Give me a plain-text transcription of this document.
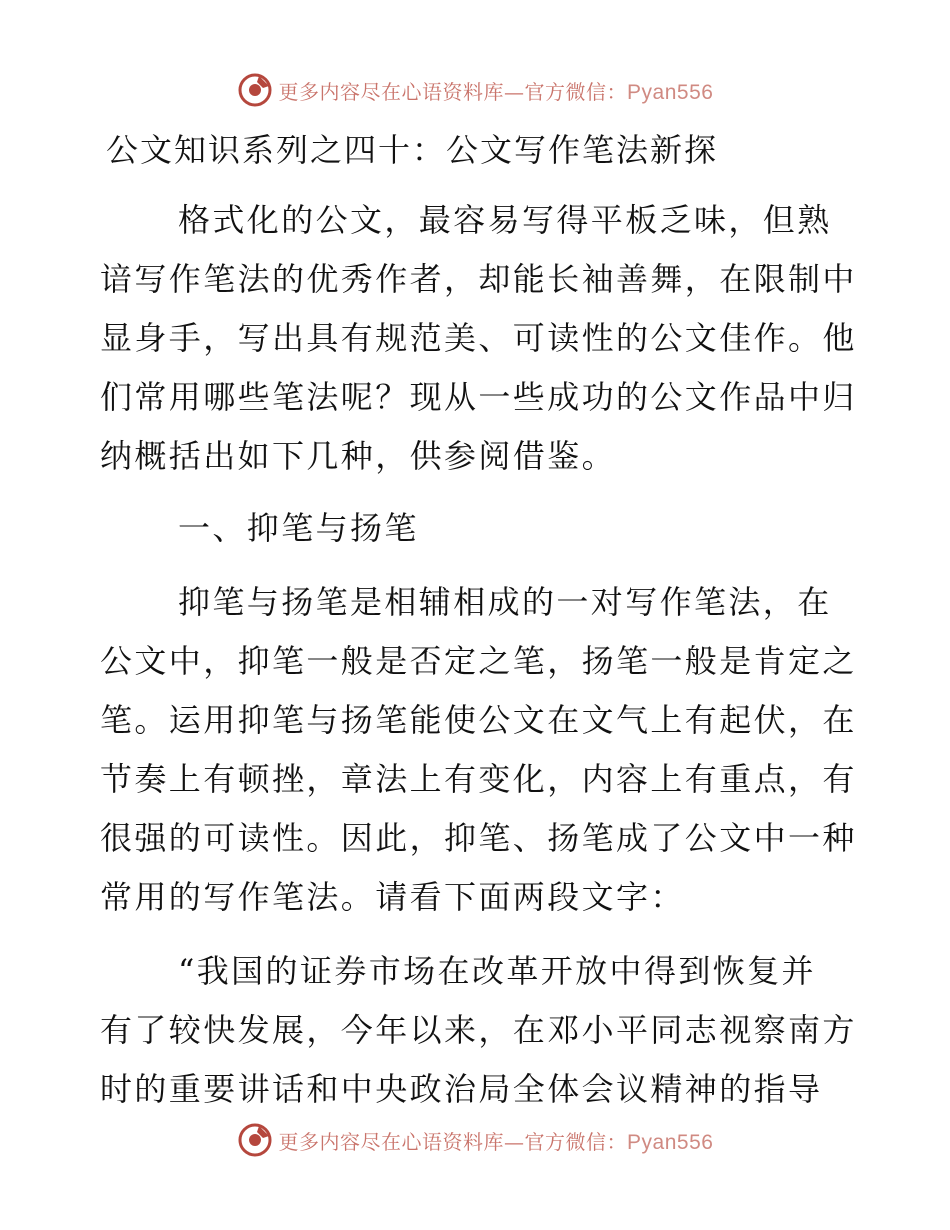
更多内容尽在心语资料库—官方微信：Pyan556
公文知识系列之四十：公文写作笔法新探
格式化的公文，最容易写得平板乏味，但熟
谙写作笔法的优秀作者，却能长袖善舞，在限制中
显身手，写出具有规范美、可读性的公文佳作。他
们常用哪些笔法呢？现从一些成功的公文作品中归
纳概括出如下几种，供参阅借鉴。
一、抑笔与扬笔
抑笔与扬笔是相辅相成的一对写作笔法，在
公文中，抑笔一般是否定之笔，扬笔一般是肯定之
笔。运用抑笔与扬笔能使公文在文气上有起伏，在
节奏上有顿挫，章法上有变化，内容上有重点，有
很强的可读性。因此，抑笔、扬笔成了公文中一种
常用的写作笔法。请看下面两段文字：
“我国的证券市场在改革开放中得到恢复并
有了较快发展，今年以来，在邓小平同志视察南方
时的重要讲话和中央政治局全体会议精神的指导
更多内容尽在心语资料库—官方微信：Pyan556
